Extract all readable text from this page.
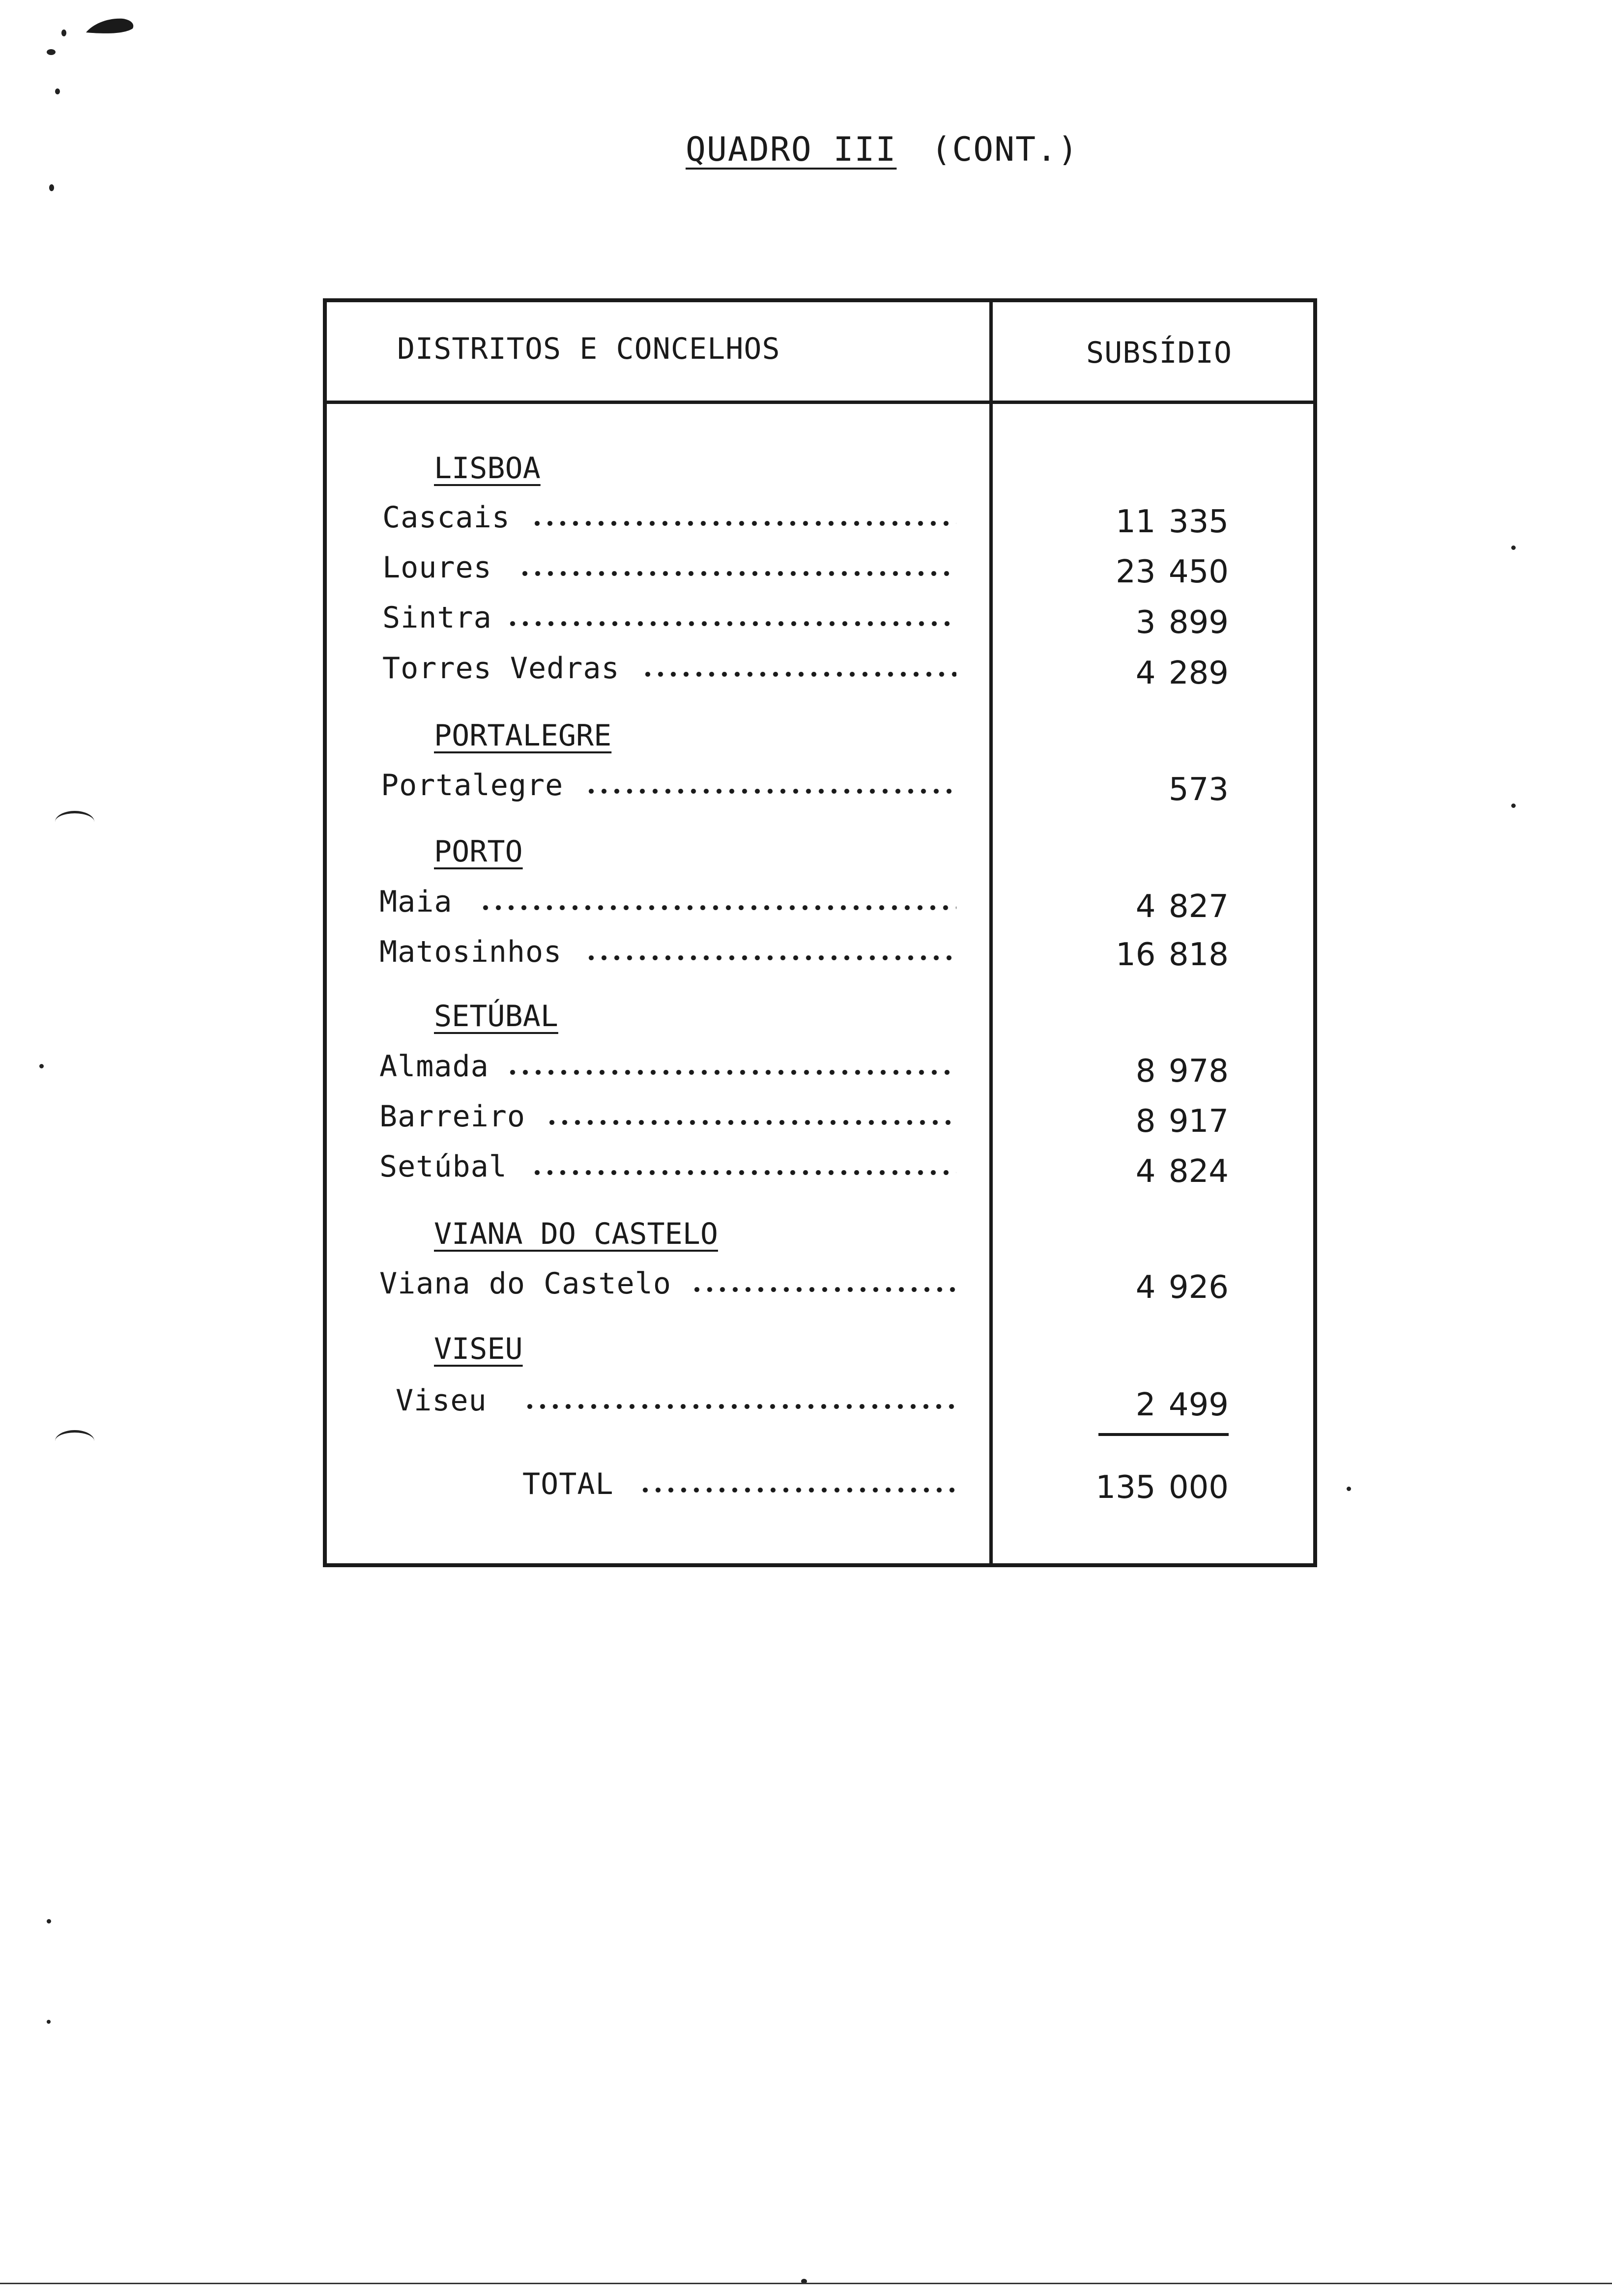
QUADRO III (CONT.)
DISTRITOS E CONCELHOS	SUBSÍDIO
LISBOA
Cascais	11 335
Loures	23 450
Sintra	3 899
Torres Vedras	4 289
PORTALEGRE
Portalegre	573
PORTO
Maia	4 827
Matosinhos	16 818
SETÚBAL
Almada	8 978
Barreiro	8 917
Setúbal	4 824
VIANA DO CASTELO
Viana do Castelo	4 926
VISEU
Viseu	2 499
TOTAL	135 000
